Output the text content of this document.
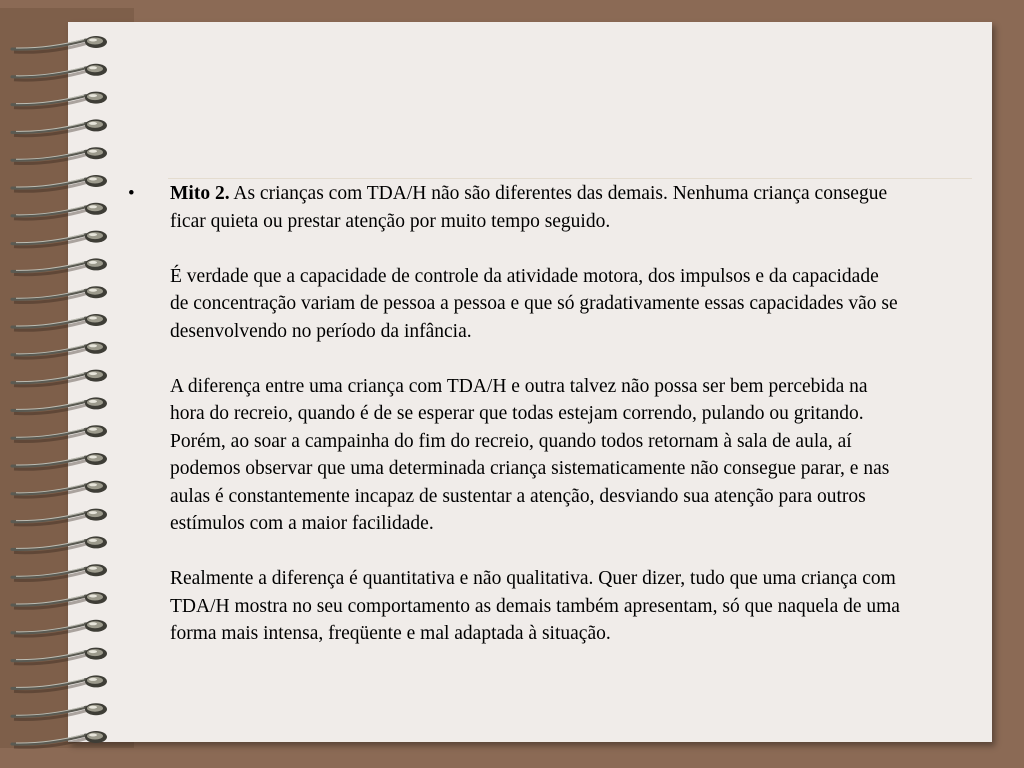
• Mito 2. As crianças com TDA/H não são diferentes das demais. Nenhuma criança consegue ficar quieta ou prestar atenção por muito tempo seguido.

É verdade que a capacidade de controle da atividade motora, dos impulsos e da capacidade de concentração variam de pessoa a pessoa e que só gradativamente essas capacidades vão se desenvolvendo no período da infância.

A diferença entre uma criança com TDA/H e outra talvez não possa ser bem percebida na hora do recreio, quando é de se esperar que todas estejam correndo, pulando ou gritando. Porém, ao soar a campainha do fim do recreio, quando todos retornam à sala de aula, aí podemos observar que uma determinada criança sistematicamente não consegue parar, e nas aulas é constantemente incapaz de sustentar a atenção, desviando sua atenção para outros estímulos com a maior facilidade.

Realmente a diferença é quantitativa e não qualitativa. Quer dizer, tudo que uma criança com TDA/H mostra no seu comportamento as demais também apresentam, só que naquela de uma forma mais intensa, freqüente e mal adaptada à situação.
